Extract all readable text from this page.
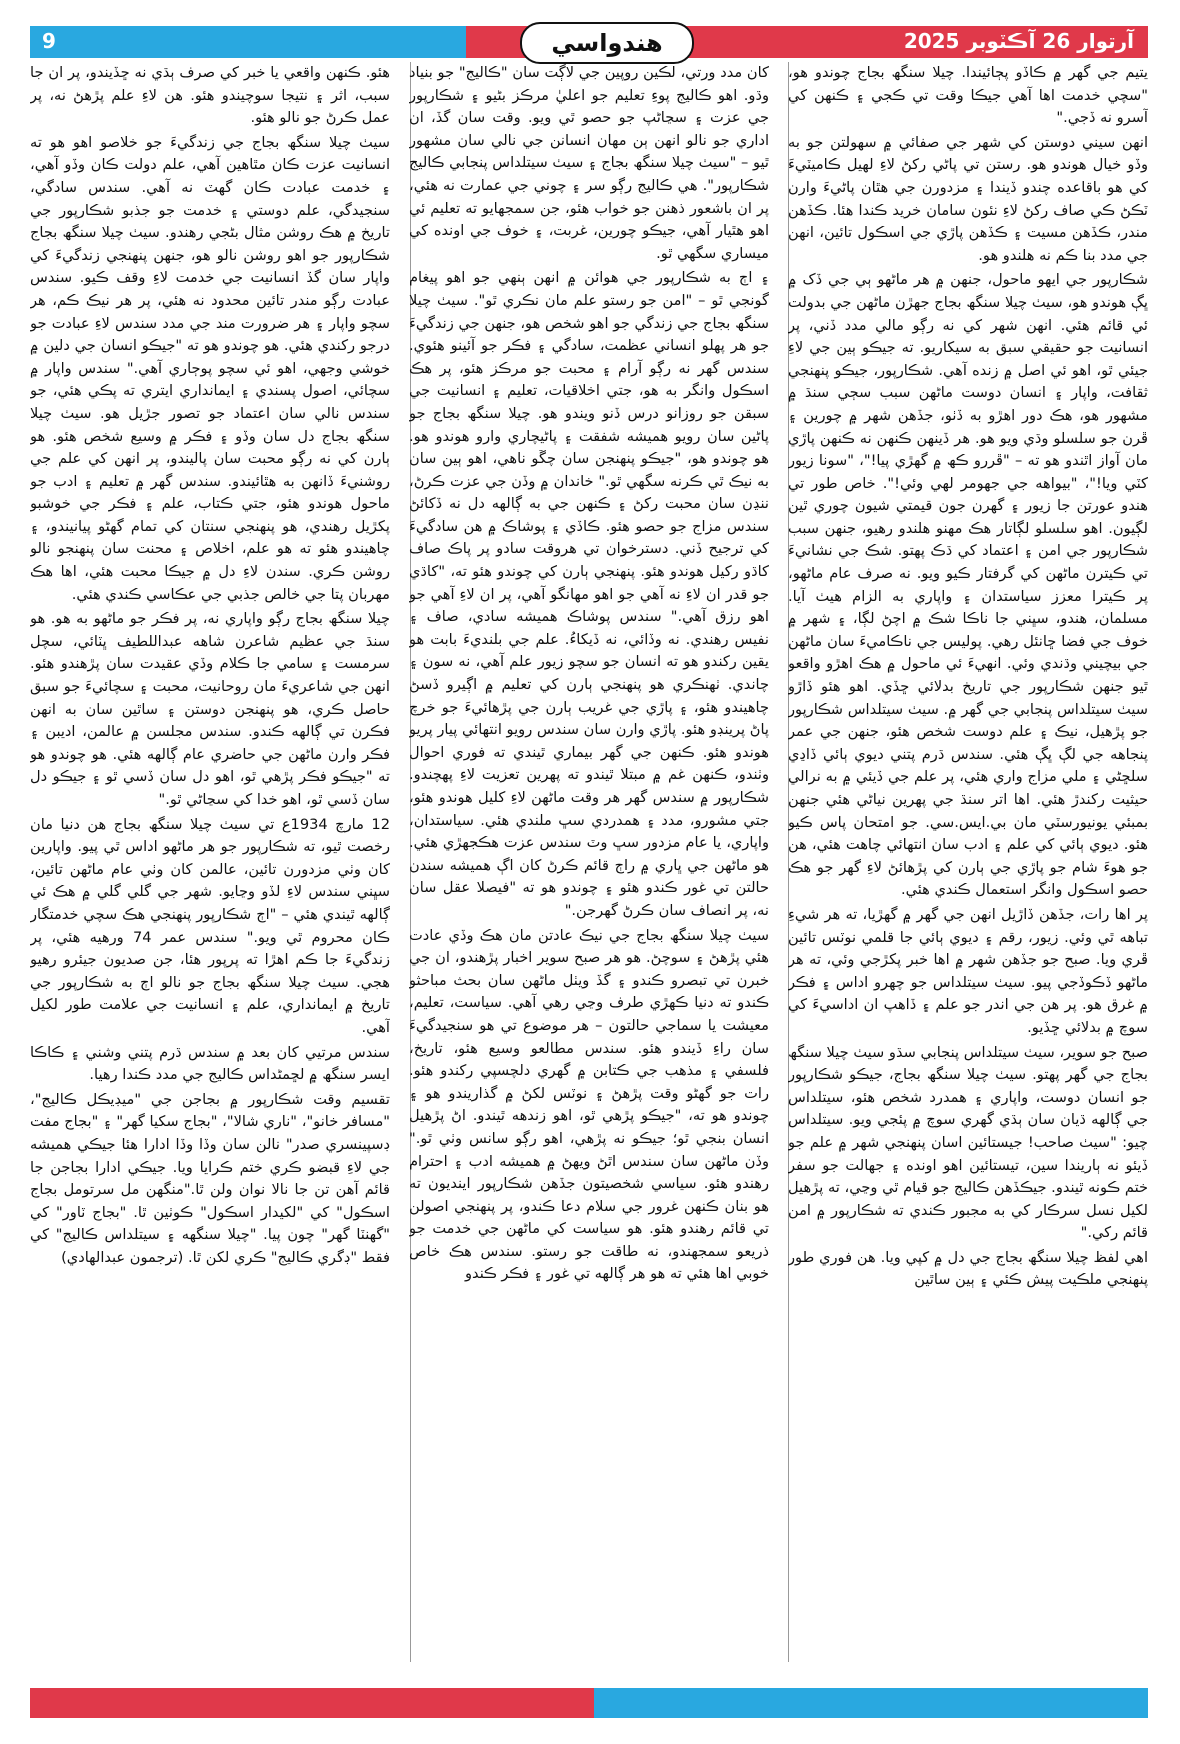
9	هندواسي	آرتوار 26 آڪٽوبر 2025

يتيم جي گهر ۾ ڪاڏو پڄائيندا. چيلا سنگھ بجاج چوندو هو، "سچي خدمت اها آهي جيڪا وقت تي ڪجي ۽ ڪنهن کي آسرو نه ڏجي."

انهن سيني دوستن کي شهر جي صفائي ۾ سهولتن جو به وڏو خيال هوندو هو. رستن تي پاڻي رکڻ لاءِ لهيل ڪاميٽيءَ کي هو باقاعده چندو ڏيندا ۽ مزدورن جي هٿان پاڻيءَ وارن ٽڪڻ ڪي صاف رکڻ لاءِ نئون سامان خريد ڪندا هئا. ڪڏهن مندر، ڪڏهن مسيت ۽ ڪڏهن پاڙي جي اسڪول تائين، انهن جي مدد بنا ڪم نه هلندو هو.

شڪارپور جي ايهو ماحول، جنهن ۾ هر ماڻهو ٻي جي ڏک ۾ ڀڳ هوندو هو، سيٺ چيلا سنگھ بجاج جهڙن ماڻهن جي بدولت ئي قائم هئي. انهن شهر کي نه رڳو مالي مدد ڏني، پر انسانيت جو حقيقي سبق به سيکاريو. ته جيڪو ٻين جي لاءِ جيئي ٿو، اهو ئي اصل ۾ زنده آهي. شڪارپور، جيڪو پنهنجي ثقافت، واپار ۽ انسان دوست ماڻهن سبب سڄي سنڌ ۾ مشهور هو، هڪ دور اهڙو به ڏٺو، جڏهن شهر ۾ چورين ۽ ڦرن جو سلسلو وڌي ويو هو. هر ڏينهن ڪنهن نه ڪنهن پاڙي مان آواز اٿندو هو ته – "ڦررو ڪھ ۾ گهڙي پيا!"، "سونا زيور کٽي ويا!"، "بيواهه جي جهومر لهي وئي!". خاص طور تي هندو عورتن جا زيور ۽ گهرن جون قيمتي شيون چوري ٿين لڳيون. اهو سلسلو لڳاتار هڪ مهنو هلندو رهيو، جنهن سبب شڪارپور جي امن ۽ اعتماد کي ڌڪ پهتو. شڪ جي نشانيءَ تي ڪيترن ماڻهن کي گرفتار ڪيو ويو. نه صرف عام ماڻهو، پر ڪيترا معزز سياستدان ۽ واپاري به الزام هيٺ آيا. مسلمان، هندو، سڀني جا ناڪا شڪ ۾ اچڻ لڳا، ۽ شهر ۾ خوف جي فضا ڇانئل رهي. پوليس جي ناڪاميءَ سان ماڻهن جي بيچيني وڌندي وئي. انهيءَ ئي ماحول ۾ هڪ اهڙو واقعو ٿيو جنهن شڪارپور جي تاريخ بدلائي ڇڏي. اهو هئو ڏاڙو سيٺ سيتلداس پنجابي جي گهر ۾. سيٺ سيتلداس شڪارپور جو پڙهيل، نيڪ ۽ علم دوست شخص هئو، جنهن جي عمر پنجاهه جي لڳ ڀڳ هئي. سندس ڌرم پتني ديوي ٻائي ڏاڍي سلڇڻي ۽ ملي مزاج واري هئي، پر علم جي ڏيئي ۾ به نرالي حيثيت رکندڙ هئي. اها اتر سنڌ جي پهرين نياڻي هئي جنهن بمبئي يونيورسٽي مان بي.ايس.سي. جو امتحان پاس ڪيو هئو. ديوي ٻائي کي علم ۽ ادب سان انتهائي چاهت هئي، هن جو هوءَ شام جو پاڙي جي ٻارن کي پڙهائڻ لاءِ گهر جو هڪ حصو اسڪول وانگر استعمال ڪندي هئي.

پر اها رات، جڏهن ڏاڙيل انهن جي گهر ۾ گهڙيا، ته هر شيءِ تباهه ٿي وئي. زيور، رقم ۽ ديوي ٻائي جا قلمي نوٽس تائين ڦري ويا. صبح جو جڏهن شهر ۾ اها خبر پکڙجي وئي، ته هر ماڻهو ڏڪوڏجي پيو. سيٺ سيتلداس جو چهرو اداس ۽ فڪر ۾ غرق هو. پر هن جي اندر جو علم ۽ ڏاهپ ان اداسيءَ کي سوچ ۾ بدلائي ڇڏيو.

صبح جو سوير، سيٺ سيتلداس پنجابي سڌو سيٺ چيلا سنگھ بجاج جي گهر پهتو. سيٺ چيلا سنگھ بجاج، جيڪو شڪارپور جو انسان دوست، واپاري ۽ همدرد شخص هئو، سيتلداس جي ڳالهه ڌيان سان ٻڌي گهري سوچ ۾ پئجي ويو. سيتلداس چيو: "سيٺ صاحب! جيستائين اسان پنهنجي شهر ۾ علم جو ڏيئو نه ٻاريندا سين، تيستائين اهو اونده ۽ جهالت جو سفر ختم ڪونه ٿيندو. جيڪڏهن ڪاليج جو قيام ٿي وڃي، ته پڙهيل لکيل نسل سرڪار کي به مجبور ڪندي ته شڪارپور ۾ امن قائم رکي."

اهي لفظ چيلا سنگھ بجاج جي دل ۾ کپي ويا. هن فوري طور پنهنجي ملڪيت پيش ڪئي ۽ ٻين ساٿين

کان مدد ورتي، لڪين روپين جي لاڳت سان "ڪاليج" جو بنياد وڌو. اهو ڪاليج پوءِ تعليم جو اعليٰ مرڪز بڻيو ۽ شڪارپور جي عزت ۽ سڃاڻپ جو حصو ٿي ويو. وقت سان گڏ، ان اداري جو نالو انهن ٻن مهان انسانن جي نالي سان مشهور ٿيو – "سيٺ چيلا سنگھ بجاج ۽ سيٺ سيتلداس پنجابي ڪاليج شڪارپور". هي ڪاليج رڳو سر ۽ چوني جي عمارت نه هئي، پر ان باشعور ذهنن جو خواب هئو، جن سمجهايو ته تعليم ئي اهو هٿيار آهي، جيڪو چورين، غربت، ۽ خوف جي اونده کي ميساري سگهي ٿو.

۽ اڄ به شڪارپور جي هوائن ۾ انهن ٻنهي جو اهو پيغام گونجي ٿو – "امن جو رستو علم مان نڪري ٿو". سيٺ چيلا سنگھ بجاج جي زندگي جو اهو شخص هو، جنهن جي زندگيءَ جو هر پهلو انساني عظمت، سادگي ۽ فڪر جو آئينو هئوي. سندس گهر نه رڳو آرام ۽ محبت جو مرڪز هئو، پر هڪ اسڪول وانگر به هو، جتي اخلاقيات، تعليم ۽ انسانيت جي سبقن جو روزانو درس ڏنو ويندو هو. چيلا سنگھ بجاج جو پاڻين سان رويو هميشه شفقت ۽ پاڻيچاري وارو هوندو هو. هو چوندو هو، "جيڪو پنهنجن سان چڱو ناهي، اهو ٻين سان به نيڪ ٿي ڪرنه سگهي ٿو." خاندان ۾ وڏن جي عزت ڪرڻ، ننڍن سان محبت رکڻ ۽ ڪنهن جي به ڳالهه دل نه ڏکائڻ سندس مزاج جو حصو هئو. ڪاڏي ۽ پوشاڪ ۾ هن سادگيءَ کي ترجيح ڏني. دسترخوان تي هروقت سادو پر پاڪ صاف کاڌو رکيل هوندو هئو. پنهنجي ٻارن کي چوندو هئو ته، "کاڌي جو قدر ان لاءِ نه آهي جو اهو مهانگو آهي، پر ان لاءِ آهي جو اهو رزق آهي." سندس پوشاڪ هميشه سادي، صاف ۽ نفيس رهندي. نه وڏائي، نه ڏيکاءُ. علم جي بلنديءَ بابت هو يقين رکندو هو ته انسان جو سچو زيور علم آهي، نه سون ۽ چاندي. ٺهنڪري هو پنهنجي ٻارن کي تعليم ۾ اڳيرو ڏسڻ چاهيندو هئو، ۽ پاڙي جي غريب ٻارن جي پڙهائيءَ جو خرچ پاڻ پرينڊو هئو. پاڙي وارن سان سندس رويو انتهائي پيار پريو هوندو هئو. ڪنهن جي گهر بيماري ٿيندي ته فوري احوال وٺندو، ڪنهن غم ۾ مبتلا ٿيندو ته پهرين تعزيت لاءِ پهچندو. شڪارپور ۾ سندس گهر هر وقت ماڻهن لاءِ کليل هوندو هئو، جتي مشورو، مدد ۽ همدردي سڀ ملندي هئي. سياستدان، واپاري، يا عام مزدور سڀ وٽ سندس عزت هڪجهڙي هئي. هو ماڻهن جي ڀاري ۾ راڄ قائم ڪرڻ کان اڳ هميشه سندن حالتن تي غور ڪندو هئو ۽ چوندو هو ته "فيصلا عقل سان نه، پر انصاف سان ڪرڻ گهرجن."

سيٺ چيلا سنگھ بجاج جي نيڪ عادتن مان هڪ وڏي عادت هئي پڙهڻ ۽ سوچڻ. هو هر صبح سوير اخبار پڙهندو، ان جي خبرن تي تبصرو ڪندو ۽ گڏ ويٺل ماڻهن سان بحث مباحثو ڪندو ته دنيا ڪهڙي طرف وڃي رهي آهي. سياست، تعليم، معيشت يا سماجي حالتون – هر موضوع تي هو سنجيدگيءَ سان راءِ ڏيندو هئو. سندس مطالعو وسيع هئو، تاريخ، فلسفي ۽ مذهب جي ڪتابن ۾ گهري دلچسپي رکندو هئو. رات جو گهڻو وقت پڙهڻ ۽ نوٽس لکڻ ۾ گذاريندو هو ۽ چوندو هو ته، "جيڪو پڙهي ٿو، اهو زندهه ٿيندو. اڻ پڙهيل انسان بنجي ٿو؛ جيڪو نه پڙهي، اهو رڳو سانس وٺي ٿو." وڏن ماڻهن سان سندس اٿڻ ويهڻ ۾ هميشه ادب ۽ احترام رهندو هئو. سياسي شخصيتون جڏهن شڪارپور اينديون ته هو بنان ڪنهن غرور جي سلام دعا ڪندو، پر پنهنجي اصولن تي قائم رهندو هئو. هو سياست کي ماڻهن جي خدمت جو ذريعو سمجهندو، نه طاقت جو رستو. سندس هڪ خاص خوبي اها هئي ته هو هر ڳالهه تي غور ۽ فڪر ڪندو

هئو. ڪنهن واقعي يا خبر کي صرف ٻڌي نه ڇڏيندو، پر ان جا سبب، اثر ۽ نتيجا سوچيندو هئو. هن لاءِ علم پڙهڻ نه، پر عمل ڪرڻ جو نالو هئو.

سيٺ چيلا سنگھ بجاج جي زندگيءَ جو خلاصو اهو هو ته انسانيت عزت ڪان مٿاهين آهي، علم دولت ڪان وڏو آهي، ۽ خدمت عبادت ڪان گهٽ نه آهي. سندس سادگي، سنجيدگي، علم دوستي ۽ خدمت جو جذبو شڪارپور جي تاريخ ۾ هڪ روشن مثال بڻجي رهندو. سيٺ چيلا سنگھ بجاج شڪارپور جو اهو روشن نالو هو، جنهن پنهنجي زندگيءَ کي واپار سان گڏ انسانيت جي خدمت لاءِ وقف ڪيو. سندس عبادت رڳو مندر تائين محدود نه هئي، پر هر نيڪ ڪم، هر سچو واپار ۽ هر ضرورت مند جي مدد سندس لاءِ عبادت جو درجو رکندي هئي. هو چوندو هو ته "جيڪو انسان جي دلين ۾ خوشي وجهي، اهو ئي سچو پوڄاري آهي." سندس واپار ۾ سچائي، اصول پسندي ۽ ايمانداري ايتري ته پڪي هئي، جو سندس نالي سان اعتماد جو تصور جڙيل هو. سيٺ چيلا سنگھ بجاج دل سان وڏو ۽ فڪر ۾ وسيع شخص هئو. هو ٻارن کي نه رڳو محبت سان پاليندو، پر انهن کي علم جي روشنيءَ ڏانهن به هٿائيندو. سندس گهر ۾ تعليم ۽ ادب جو ماحول هوندو هئو، جتي ڪتاب، علم ۽ فڪر جي خوشبو پکڙيل رهندي، هو پنهنجي سنتان کي تمام گهڻو پيانيندو، ۽ چاهيندو هئو ته هو علم، اخلاص ۽ محنت سان پنهنجو نالو روشن ڪري. سندن لاءِ دل ۾ جيڪا محبت هئي، اها هڪ مهربان پتا جي خالص جذبي جي عڪاسي ڪندي هئي.

چيلا سنگھ بجاج رڳو واپاري نه، پر فڪر جو ماڻهو به هو. هو سنڌ جي عظيم شاعرن شاهه عبداللطيف ڀٽائي، سچل سرمست ۽ سامي جا ڪلام وڏي عقيدت سان پڙهندو هئو. انهن جي شاعريءَ مان روحانيت، محبت ۽ سچائيءَ جو سبق حاصل ڪري، هو پنهنجن دوستن ۽ ساٿين سان به انهن فڪرن تي ڳالهه ڪندو. سندس مجلسن ۾ عالمن، اديبن ۽ فڪر وارن ماڻهن جي حاضري عام ڳالهه هئي. هو چوندو هو ته "جيڪو فڪر پڙهي ٿو، اهو دل سان ڏسي ٿو ۽ جيڪو دل سان ڏسي ٿو، اهو خدا کي سڃاڻي ٿو."

12 مارچ 1934ع تي سيٺ چيلا سنگھ بجاج هن دنيا مان رخصت ٿيو، ته شڪارپور جو هر ماڻهو اداس ٿي پيو. واپارين کان وٺي مزدورن تائين، عالمن کان وٺي عام ماڻهن تائين، سڀني سندس لاءِ لڏو وڃايو. شهر جي گلي گلي ۾ هڪ ئي ڳالهه ٿيندي هئي – "اڄ شڪارپور پنهنجي هڪ سچي خدمتگار ڪان محروم ٿي ويو." سندس عمر 74 ورهيه هئي، پر زندگيءَ جا ڪم اهڙا ته پرپور هئا، جن صديون جيئرو رهيو هجي. سيٺ چيلا سنگھ بجاج جو نالو اڄ به شڪارپور جي تاريخ ۾ ايمانداري، علم ۽ انسانيت جي علامت طور لکيل آهي.

سندس مرتيي کان بعد ۾ سندس ڌرم پتني وشني ۽ ڪاڪا ايسر سنگھ ۾ لڇمڻداس ڪاليج جي مدد ڪندا رهيا.

تقسيم وقت شڪارپور ۾ بجاجن جي "ميڊيڪل ڪاليج"، "مسافر خانو"، "ناري شالا"، "بجاج سکيا گهر" ۽ "بجاج مفت ڊسپينسري صدر" نالن سان وڏا وڏا ادارا هئا جيڪي هميشه جي لاءِ قبضو ڪري ختم ڪرايا ويا. جيڪي ادارا بجاجن جا قائم آهن تن جا نالا نوان ولن ٿا."منگهن مل سرتومل بجاج اسڪول" کي "لکيدار اسڪول" ڪوٺين ٿا. "بجاج ٽاور" کي "گهنٽا گهر" چون پيا. "چيلا سنگھه ۽ سيتلداس ڪاليج" کي فقط "ڊگري ڪاليج" ڪري لکن ٿا. (ترجمون عبدالهادي)
